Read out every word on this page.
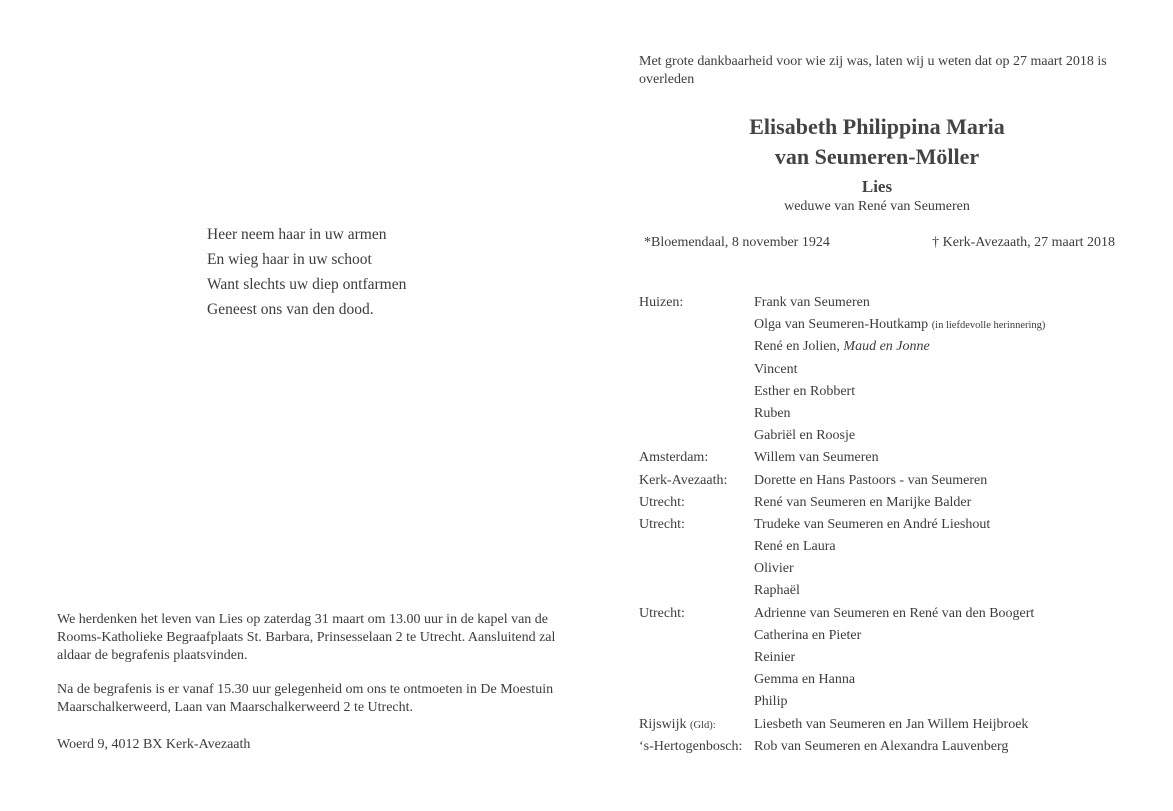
Heer neem haar in uw armen
En wieg haar in uw schoot
Want slechts uw diep ontfarmen
Geneest ons van den dood.

We herdenken het leven van Lies op zaterdag 31 maart om 13.00 uur in de kapel van de Rooms-Katholieke Begraafplaats St. Barbara, Prinsesselaan 2 te Utrecht. Aansluitend zal aldaar de begrafenis plaatsvinden.

Na de begrafenis is er vanaf 15.30 uur gelegenheid om ons te ontmoeten in De Moestuin Maarschalkerweerd, Laan van Maarschalkerweerd 2 te Utrecht.

Woerd 9, 4012 BX Kerk-Avezaath
Met grote dankbaarheid voor wie zij was, laten wij u weten dat op 27 maart 2018 is overleden
Elisabeth Philippina Maria
van Seumeren-Möller
Lies
weduwe van René van Seumeren
*Bloemendaal, 8 november 1924	† Kerk-Avezaath, 27 maart 2018
Huizen:	Frank van Seumeren
Olga van Seumeren-Houtkamp (in liefdevolle herinnering)
René en Jolien, Maud en Jonne
Vincent
Esther en Robbert
Ruben
Gabriël en Roosje
Amsterdam:	Willem van Seumeren
Kerk-Avezaath: Dorette en Hans Pastoors - van Seumeren
Utrecht:	René van Seumeren en Marijke Balder
Utrecht:	Trudeke van Seumeren en André Lieshout
René en Laura
Olivier
Raphaël
Utrecht:	Adrienne van Seumeren en René van den Boogert
Catherina en Pieter
Reinier
Gemma en Hanna
Philip
Rijswijk (Gld):	Liesbeth van Seumeren en Jan Willem Heijbroek
‘s-Hertogenbosch: Rob van Seumeren en Alexandra Lauvenberg
